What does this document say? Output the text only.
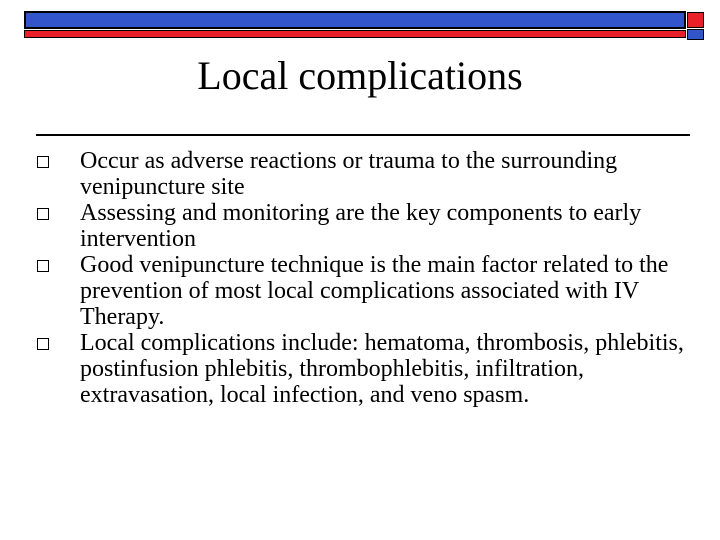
Local complications
Occur as adverse reactions or trauma to the surrounding venipuncture site
Assessing and monitoring are the key components to early intervention
Good venipuncture technique is the main factor related to the prevention of most local complications associated with IV Therapy.
Local complications include: hematoma, thrombosis, phlebitis, postinfusion phlebitis, thrombophlebitis, infiltration, extravasation, local infection, and veno spasm.
